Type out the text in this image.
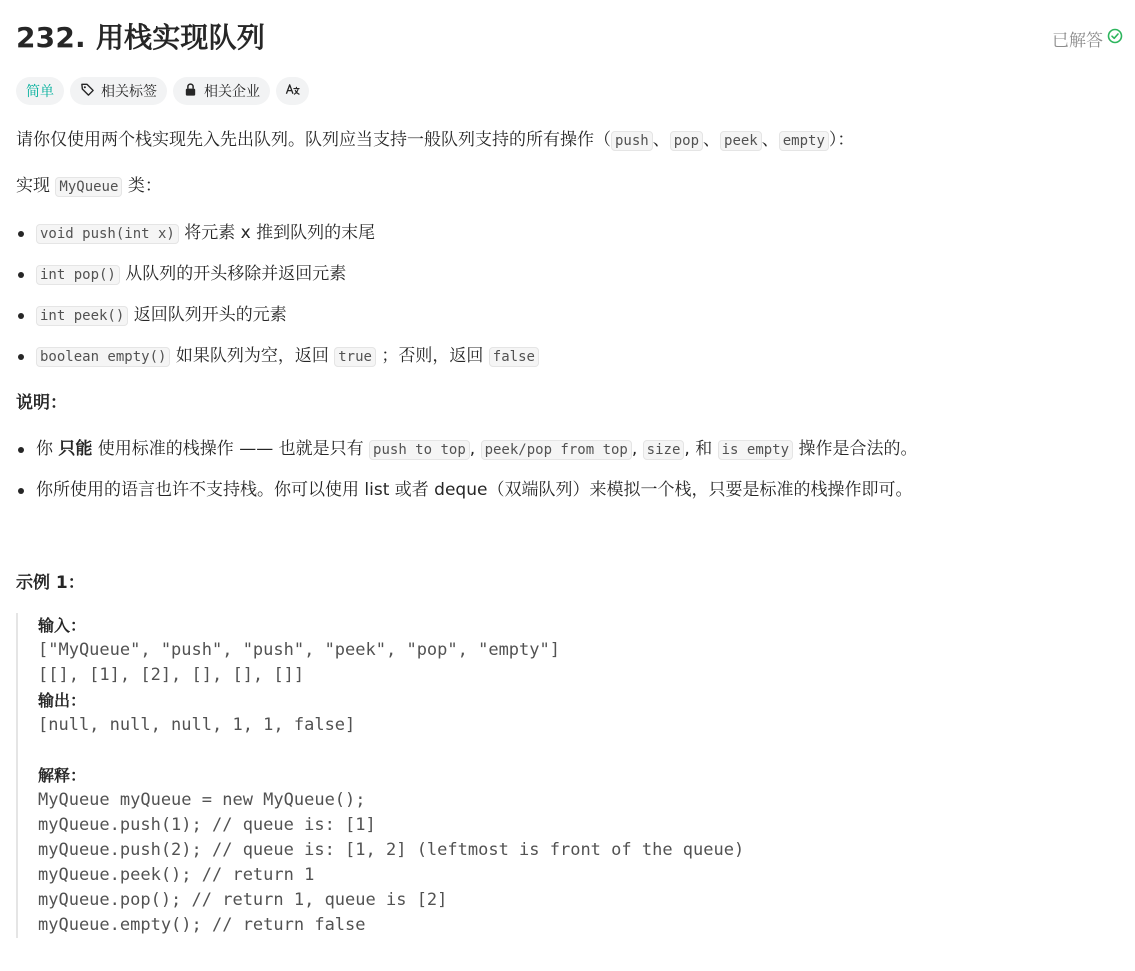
232. 用栈实现队列	已解答
简单	相关标签	相关企业

请你仅使用两个栈实现先入先出队列。队列应当支持一般队列支持的所有操作（ push 、 pop 、 peek 、 empty ）：

实现 MyQueue 类：

void push(int x) 将元素 x 推到队列的末尾
int pop() 从队列的开头移除并返回元素
int peek() 返回队列开头的元素
boolean empty() 如果队列为空，返回 true ；否则，返回 false

说明：

你 只能 使用标准的栈操作 —— 也就是只有 push to top , peek/pop from top , size , 和 is empty 操作是合法的。
你所使用的语言也许不支持栈。你可以使用 list 或者 deque（双端队列）来模拟一个栈，只要是标准的栈操作即可。

示例 1：

输入：
["MyQueue", "push", "push", "peek", "pop", "empty"]
[[], [1], [2], [], [], []]
输出：
[null, null, null, 1, 1, false]
解释：
MyQueue myQueue = new MyQueue();
myQueue.push(1); // queue is: [1]
myQueue.push(2); // queue is: [1, 2] (leftmost is front of the queue)
myQueue.peek(); // return 1
myQueue.pop(); // return 1, queue is [2]
myQueue.empty(); // return false
